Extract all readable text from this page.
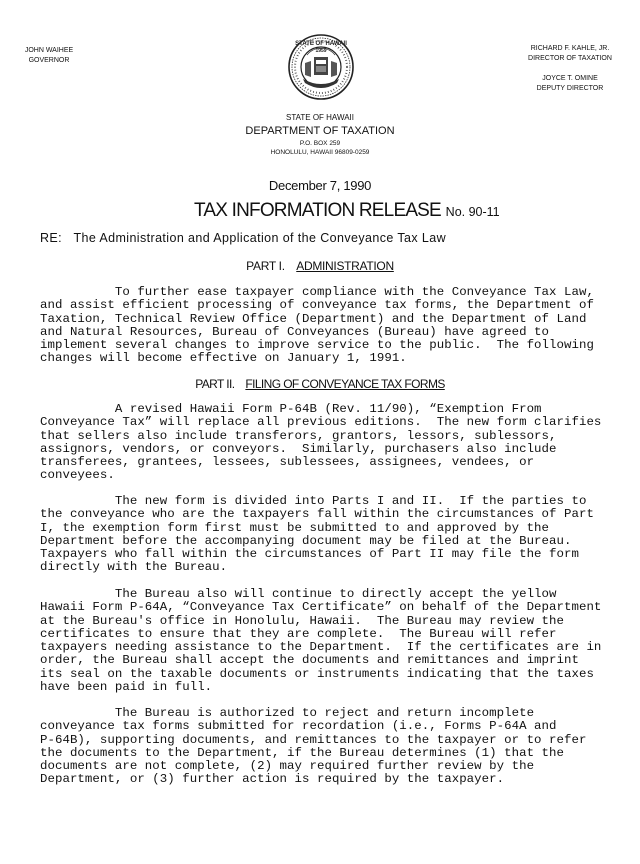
JOHN WAIHEE
GOVERNOR
STATE OF HAWAII
1959	RICHARD F. KAHLE, JR.
DIRECTOR OF TAXATION
JOYCE T. OMINE
DEPUTY DIRECTOR
STATE OF HAWAII
DEPARTMENT OF TAXATION
P.O. BOX 259
HONOLULU, HAWAII 96809-0259
December 7, 1990
TAX INFORMATION RELEASE No. 90-11
RE: The Administration and Application of the Conveyance Tax Law
PART I. ADMINISTRATION
To further ease taxpayer compliance with the Conveyance Tax Law,
and assist efficient processing of conveyance tax forms, the Department of
Taxation, Technical Review Office (Department) and the Department of Land
and Natural Resources, Bureau of Conveyances (Bureau) have agreed to
implement several changes to improve service to the public.  The following
changes will become effective on January 1, 1991.
PART II. FILING OF CONVEYANCE TAX FORMS
A revised Hawaii Form P-64B (Rev. 11/90), “Exemption From
Conveyance Tax” will replace all previous editions.  The new form clarifies
that sellers also include transferors, grantors, lessors, sublessors,
assignors, vendors, or conveyors.  Similarly, purchasers also include
transferees, grantees, lessees, sublessees, assignees, vendees, or
conveyees.
The new form is divided into Parts I and II.  If the parties to
the conveyance who are the taxpayers fall within the circumstances of Part
I, the exemption form first must be submitted to and approved by the
Department before the accompanying document may be filed at the Bureau.
Taxpayers who fall within the circumstances of Part II may file the form
directly with the Bureau.
The Bureau also will continue to directly accept the yellow
Hawaii Form P-64A, “Conveyance Tax Certificate” on behalf of the Department
at the Bureau's office in Honolulu, Hawaii.  The Bureau may review the
certificates to ensure that they are complete.  The Bureau will refer
taxpayers needing assistance to the Department.  If the certificates are in
order, the Bureau shall accept the documents and remittances and imprint
its seal on the taxable documents or instruments indicating that the taxes
have been paid in full.
The Bureau is authorized to reject and return incomplete
conveyance tax forms submitted for recordation (i.e., Forms P-64A and
P-64B), supporting documents, and remittances to the taxpayer or to refer
the documents to the Department, if the Bureau determines (1) that the
documents are not complete, (2) may required further review by the
Department, or (3) further action is required by the taxpayer.
